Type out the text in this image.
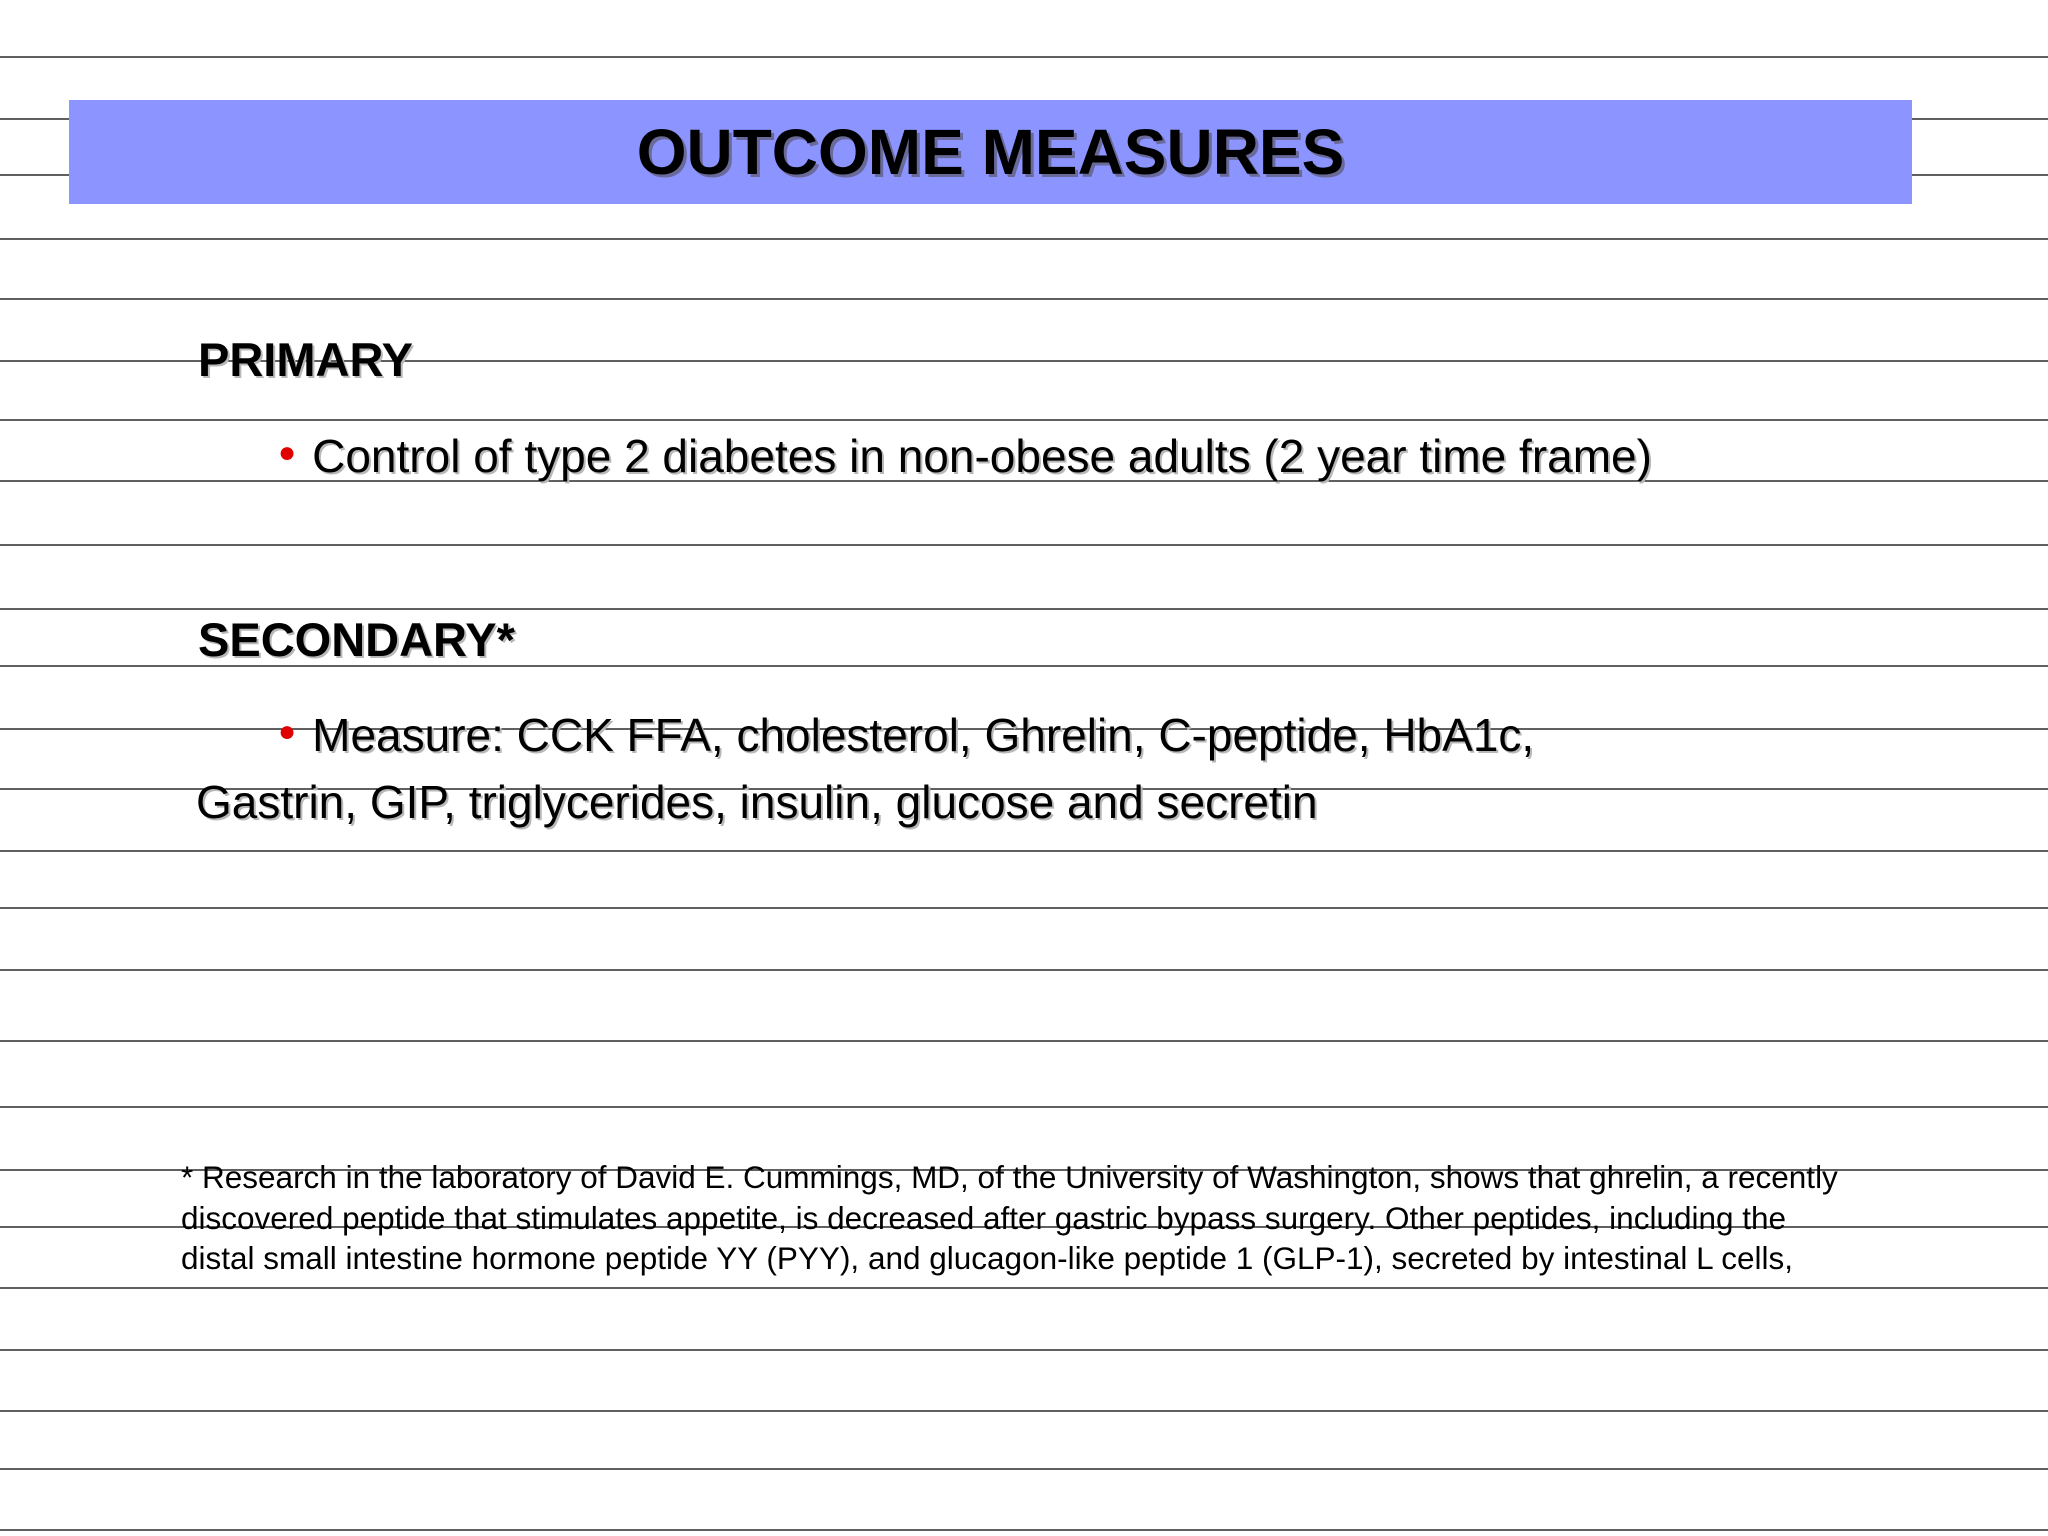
OUTCOME MEASURES
PRIMARY
● Control of type 2 diabetes in non-obese adults (2 year time frame)
SECONDARY*
● Measure: CCK FFA, cholesterol, Ghrelin, C-peptide, HbA1c,
Gastrin, GIP, triglycerides, insulin, glucose and secretin
* Research in the laboratory of David E. Cummings, MD, of the University of Washington, shows that ghrelin, a recently
discovered peptide that stimulates appetite, is decreased after gastric bypass surgery. Other peptides, including the
distal small intestine hormone peptide YY (PYY), and glucagon-like peptide 1 (GLP-1), secreted by intestinal L cells,
